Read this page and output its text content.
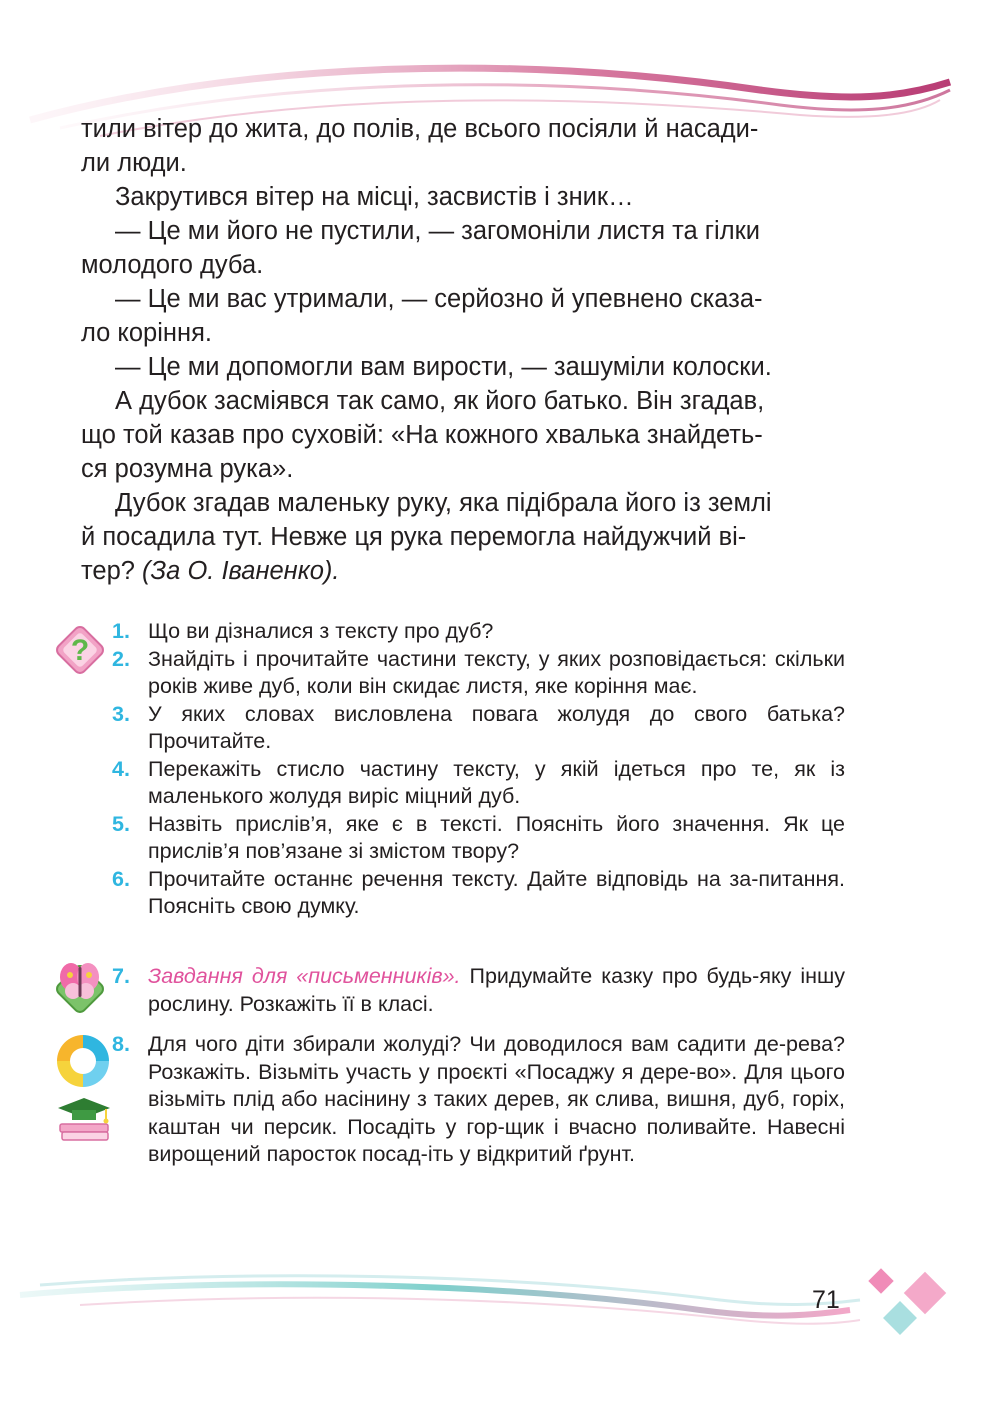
тили вітер до жита, до полів, де всього посіяли й насади-
ли люди.

Закрутився вітер на місці, засвистів і зник…

— Це ми його не пустили, — загомоніли листя та гілки
молодого дуба.

— Це ми вас утримали, — серйозно й упевнено сказа-
ло коріння.

— Це ми допомогли вам вирости, — зашуміли колоски.

А дубок засміявся так само, як його батько. Він згадав,
що той казав про суховій: «На кожного хвалька знайдеть-
ся розумна рука».

Дубок згадав маленьку руку, яка підібрала його із землі
й посадила тут. Невже ця рука перемогла найдужчий ві-
тер? (За О. Іваненко).

?
1. Що ви дізналися з тексту про дуб?
2. Знайдіть і прочитайте частини тексту, у яких розповідається: скільки років живе дуб, коли він скидає листя, яке коріння має.
3. У яких словах висловлена повага жолудя до свого батька? Прочитайте.
4. Перекажіть стисло частину тексту, у якій ідеться про те, як із маленького жолудя виріс міцний дуб.
5. Назвіть прислів’я, яке є в тексті. Поясніть його значення. Як це прислів’я пов’язане зі змістом твору?
6. Прочитайте останнє речення тексту. Дайте відповідь на за-питання. Поясніть свою думку.
7. Завдання для «письменників». Придумайте казку про будь-яку іншу рослину. Розкажіть її в класі.
8. Для чого діти збирали жолуді? Чи доводилося вам садити де-рева? Розкажіть. Візьміть участь у проєкті «Посаджу я дере-во». Для цього візьміть плід або насінину з таких дерев, як слива, вишня, дуб, горіх, каштан чи персик. Посадіть у гор-щик і вчасно поливайте. Навесні вирощений паросток посад-іть у відкритий ґрунт.
71
